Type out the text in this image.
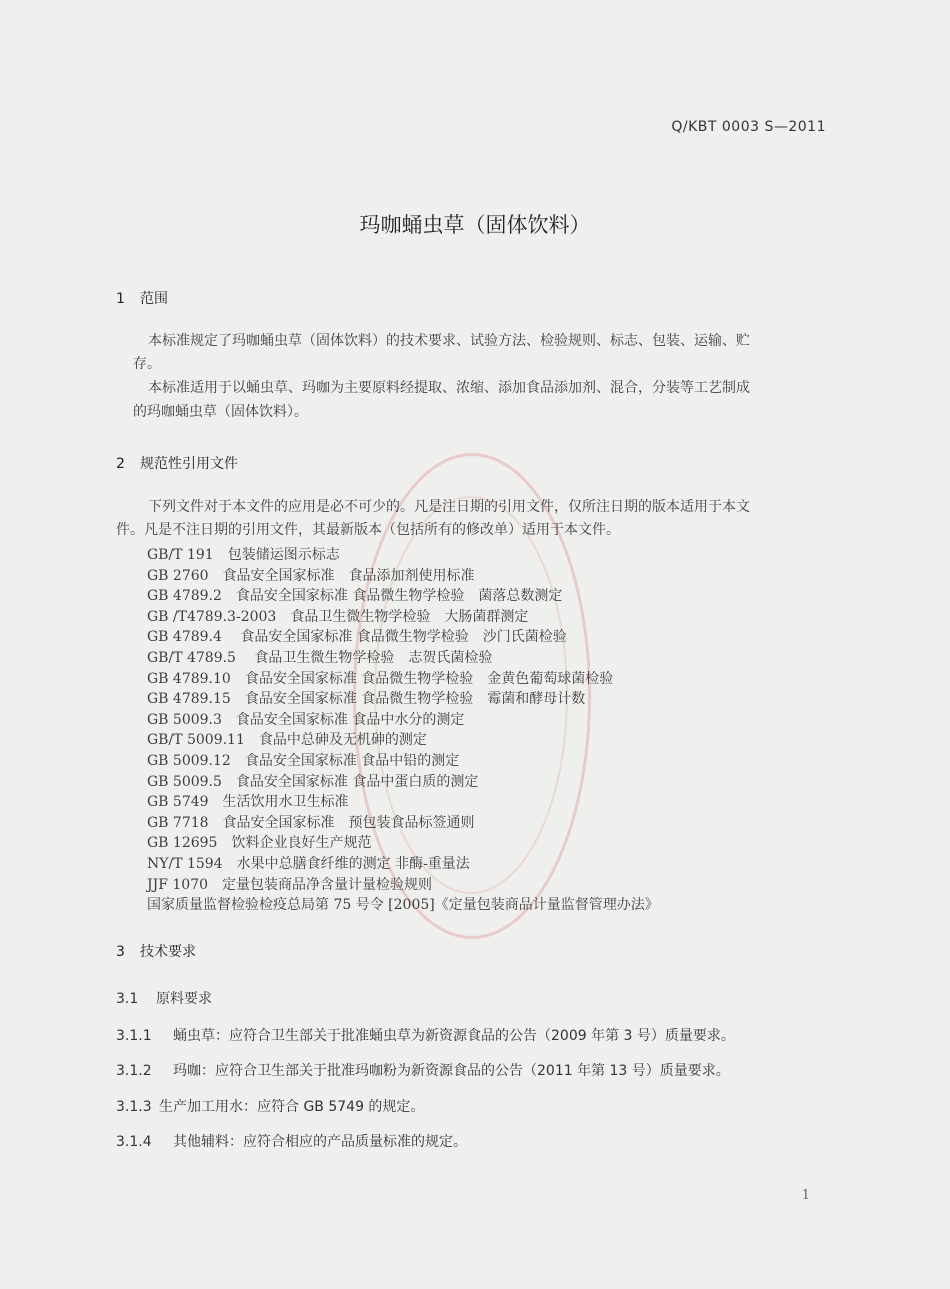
Q/KBT 0003 S—2011
玛咖蛹虫草（固体饮料）
1 范围
本标准规定了玛咖蛹虫草（固体饮料）的技术要求、试验方法、检验规则、标志、包装、运输、贮
存。
本标准适用于以蛹虫草、玛咖为主要原料经提取、浓缩、添加食品添加剂、混合，分装等工艺制成
的玛咖蛹虫草（固体饮料）。
2 规范性引用文件
下列文件对于本文件的应用是必不可少的。凡是注日期的引用文件，仅所注日期的版本适用于本文
件。凡是不注日期的引用文件，其最新版本（包括所有的修改单）适用于本文件。
GB/T 191　包装储运图示标志
GB 2760　食品安全国家标准　食品添加剂使用标准
GB 4789.2　食品安全国家标准 食品微生物学检验　菌落总数测定
GB /T4789.3-2003　食品卫生微生物学检验　大肠菌群测定
GB 4789.4　 食品安全国家标准 食品微生物学检验　沙门氏菌检验
GB/T 4789.5　 食品卫生微生物学检验　志贺氏菌检验
GB 4789.10　食品安全国家标准 食品微生物学检验　金黄色葡萄球菌检验
GB 4789.15　食品安全国家标准 食品微生物学检验　霉菌和酵母计数
GB 5009.3　食品安全国家标准 食品中水分的测定
GB/T 5009.11　食品中总砷及无机砷的测定
GB 5009.12　食品安全国家标准 食品中铅的测定
GB 5009.5　食品安全国家标准 食品中蛋白质的测定
GB 5749　生活饮用水卫生标准
GB 7718　食品安全国家标准　预包装食品标签通则
GB 12695　饮料企业良好生产规范
NY/T 1594　水果中总膳食纤维的测定 非酶-重量法
JJF 1070　定量包装商品净含量计量检验规则
国家质量监督检验检疫总局第 75 号令 [2005]《定量包装商品计量监督管理办法》
3 技术要求
3.1 原料要求
3.1.1 蛹虫草：应符合卫生部关于批准蛹虫草为新资源食品的公告（2009 年第 3 号）质量要求。
3.1.2 玛咖：应符合卫生部关于批准玛咖粉为新资源食品的公告（2011 年第 13 号）质量要求。
3.1.3 生产加工用水：应符合 GB 5749 的规定。
3.1.4 其他辅料：应符合相应的产品质量标准的规定。
1
